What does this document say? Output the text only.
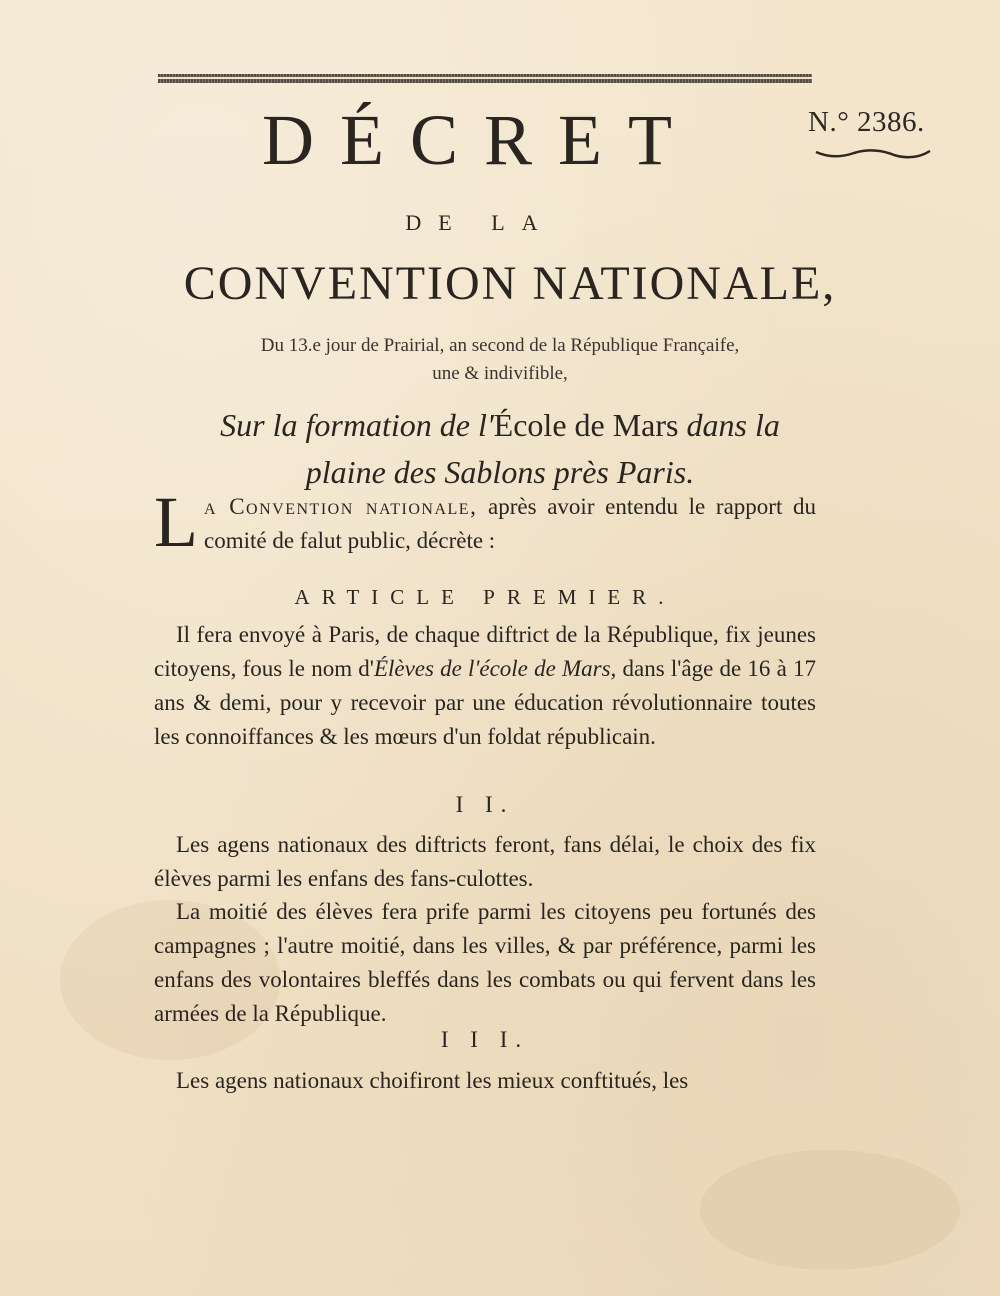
N.° 2386.
DÉCRET
DE LA
CONVENTION NATIONALE,
Du 13.e jour de Prairial, an second de la République Françaife,
une & indivifible,
Sur la formation de l'École de Mars dans la
plaine des Sablons près Paris.
La Convention nationale, après avoir entendu le rapport du comité de falut public, décrète :
ARTICLE PREMIER.

Il fera envoyé à Paris, de chaque diftrict de la République, fix jeunes citoyens, fous le nom d'Élèves de l'école de Mars, dans l'âge de 16 à 17 ans & demi, pour y recevoir par une éducation révolutionnaire toutes les connoiffances & les mœurs d'un foldat républicain.

I I.

Les agens nationaux des diftricts feront, fans délai, le choix des fix élèves parmi les enfans des fans-culottes.

La moitié des élèves fera prife parmi les citoyens peu fortunés des campagnes ; l'autre moitié, dans les villes, & par préférence, parmi les enfans des volontaires bleffés dans les combats ou qui fervent dans les armées de la République.

I I I.

Les agens nationaux choifiront les mieux conftitués, les
